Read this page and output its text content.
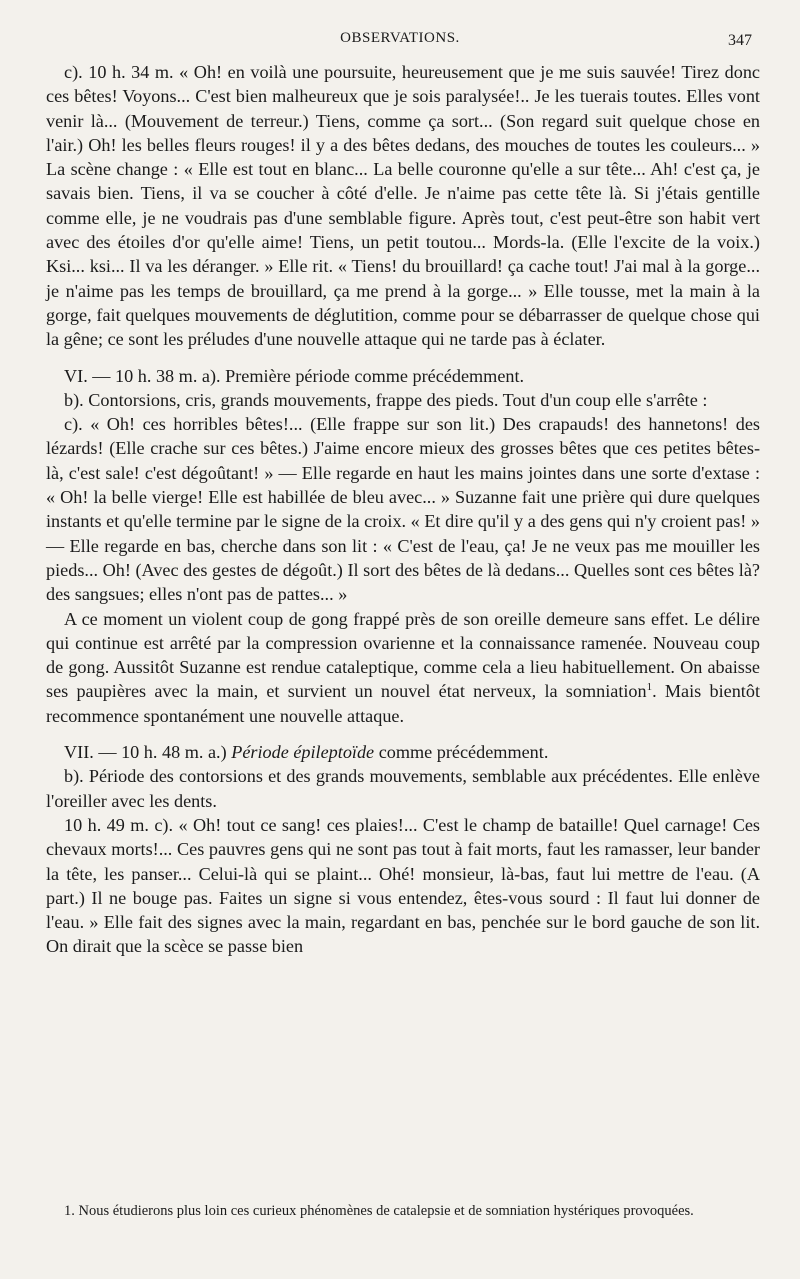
OBSERVATIONS.	347

c). 10 h. 34 m. « Oh! en voilà une poursuite, heureusement que je me suis sauvée! Tirez donc ces bêtes! Voyons... C'est bien malheureux que je sois paralysée!.. Je les tuerais toutes. Elles vont venir là... (Mouvement de terreur.) Tiens, comme ça sort... (Son regard suit quelque chose en l'air.) Oh! les belles fleurs rouges! il y a des bêtes dedans, des mouches de toutes les couleurs... » La scène change : « Elle est tout en blanc... La belle couronne qu'elle a sur tête... Ah! c'est ça, je savais bien. Tiens, il va se coucher à côté d'elle. Je n'aime pas cette tête là. Si j'étais gentille comme elle, je ne voudrais pas d'une semblable figure. Après tout, c'est peut-être son habit vert avec des étoiles d'or qu'elle aime! Tiens, un petit toutou... Mords-la. (Elle l'excite de la voix.) Ksi... ksi... Il va les déranger. » Elle rit. « Tiens! du brouillard! ça cache tout! J'ai mal à la gorge... je n'aime pas les temps de brouillard, ça me prend à la gorge... » Elle tousse, met la main à la gorge, fait quelques mouvements de déglutition, comme pour se débarrasser de quelque chose qui la gêne; ce sont les préludes d'une nouvelle attaque qui ne tarde pas à éclater.

VI. — 10 h. 38 m. a). Première période comme précédemment.

b). Contorsions, cris, grands mouvements, frappe des pieds. Tout d'un coup elle s'arrête :

c). « Oh! ces horribles bêtes!... (Elle frappe sur son lit.) Des crapauds! des hannetons! des lézards! (Elle crache sur ces bêtes.) J'aime encore mieux des grosses bêtes que ces petites bêtes-là, c'est sale! c'est dégoûtant! » — Elle regarde en haut les mains jointes dans une sorte d'extase : « Oh! la belle vierge! Elle est habillée de bleu avec... » Suzanne fait une prière qui dure quelques instants et qu'elle termine par le signe de la croix. « Et dire qu'il y a des gens qui n'y croient pas! » — Elle regarde en bas, cherche dans son lit : « C'est de l'eau, ça! Je ne veux pas me mouiller les pieds... Oh! (Avec des gestes de dégoût.) Il sort des bêtes de là dedans... Quelles sont ces bêtes là? des sangsues; elles n'ont pas de pattes... »

A ce moment un violent coup de gong frappé près de son oreille demeure sans effet. Le délire qui continue est arrêté par la compression ovarienne et la connaissance ramenée. Nouveau coup de gong. Aussitôt Suzanne est rendue cataleptique, comme cela a lieu habituellement. On abaisse ses paupières avec la main, et survient un nouvel état nerveux, la somniation$^1$. Mais bientôt recommence spontanément une nouvelle attaque.

VII. — 10 h. 48 m. a.) Période épileptoïde comme précédemment.

b). Période des contorsions et des grands mouvements, semblable aux précédentes. Elle enlève l'oreiller avec les dents.

10 h. 49 m. c). « Oh! tout ce sang! ces plaies!... C'est le champ de bataille! Quel carnage! Ces chevaux morts!... Ces pauvres gens qui ne sont pas tout à fait morts, faut les ramasser, leur bander la tête, les panser... Celui-là qui se plaint... Ohé! monsieur, là-bas, faut lui mettre de l'eau. (A part.) Il ne bouge pas. Faites un signe si vous entendez, êtes-vous sourd : Il faut lui donner de l'eau. » Elle fait des signes avec la main, regardant en bas, penchée sur le bord gauche de son lit. On dirait que la scèce se passe bien

1. Nous étudierons plus loin ces curieux phénomènes de catalepsie et de somniation hystériques provoquées.
